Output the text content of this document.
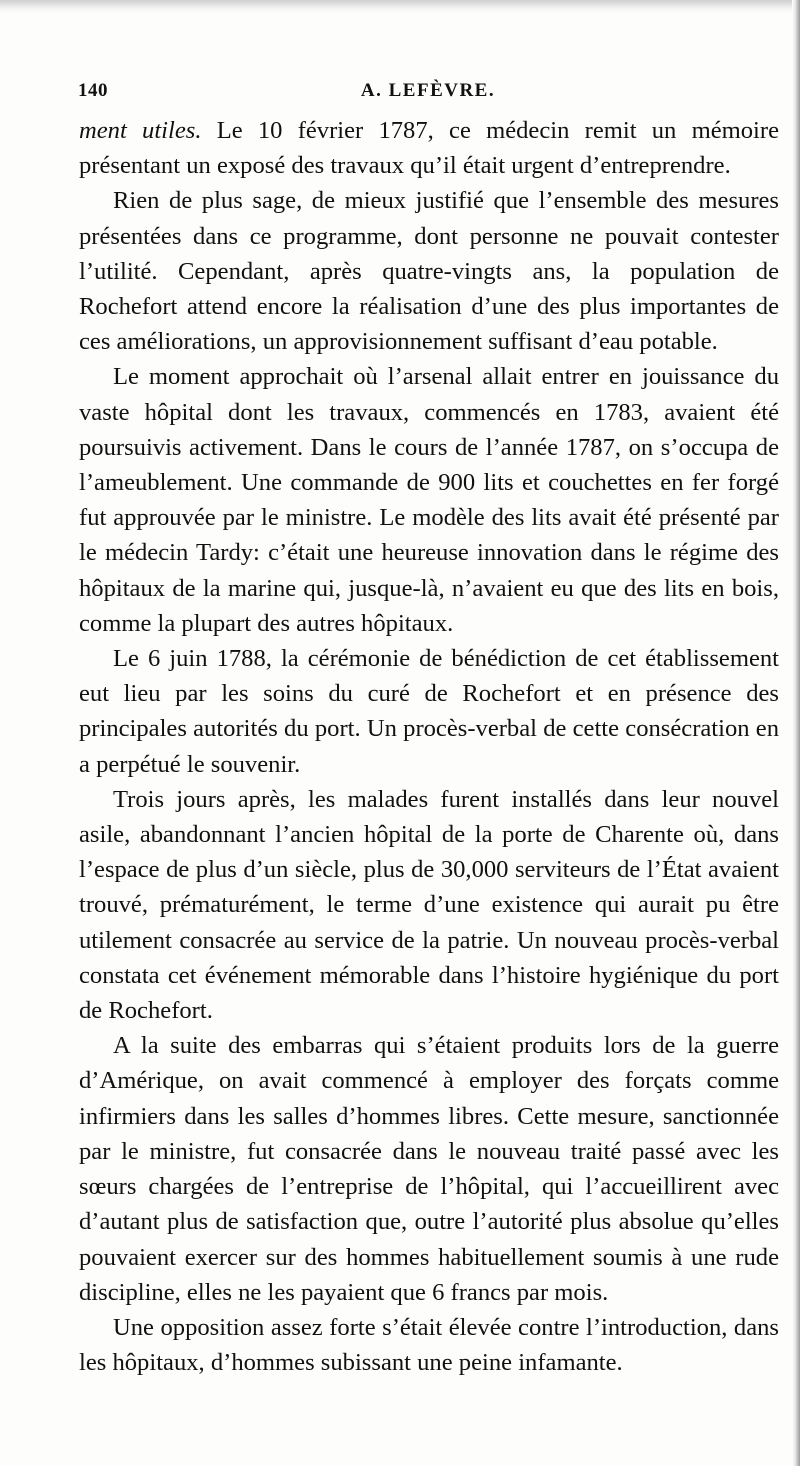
140	A. LEFÈVRE.

ment utiles. Le 10 février 1787, ce médecin remit un mémoire présentant un exposé des travaux qu’il était urgent d’entreprendre.

Rien de plus sage, de mieux justifié que l’ensemble des mesures présentées dans ce programme, dont personne ne pouvait contester l’utilité. Cependant, après quatre-vingts ans, la population de Rochefort attend encore la réalisation d’une des plus importantes de ces améliorations, un approvisionnement suffisant d’eau potable.

Le moment approchait où l’arsenal allait entrer en jouissance du vaste hôpital dont les travaux, commencés en 1783, avaient été poursuivis activement. Dans le cours de l’année 1787, on s’occupa de l’ameublement. Une commande de 900 lits et couchettes en fer forgé fut approuvée par le ministre. Le modèle des lits avait été présenté par le médecin Tardy: c’était une heureuse innovation dans le régime des hôpitaux de la marine qui, jusque-là, n’avaient eu que des lits en bois, comme la plupart des autres hôpitaux.

Le 6 juin 1788, la cérémonie de bénédiction de cet établissement eut lieu par les soins du curé de Rochefort et en présence des principales autorités du port. Un procès-verbal de cette consécration en a perpétué le souvenir.

Trois jours après, les malades furent installés dans leur nouvel asile, abandonnant l’ancien hôpital de la porte de Charente où, dans l’espace de plus d’un siècle, plus de 30,000 serviteurs de l’État avaient trouvé, prématurément, le terme d’une existence qui aurait pu être utilement consacrée au service de la patrie. Un nouveau procès-verbal constata cet événement mémorable dans l’histoire hygiénique du port de Rochefort.

A la suite des embarras qui s’étaient produits lors de la guerre d’Amérique, on avait commencé à employer des forçats comme infirmiers dans les salles d’hommes libres. Cette mesure, sanctionnée par le ministre, fut consacrée dans le nouveau traité passé avec les sœurs chargées de l’entreprise de l’hôpital, qui l’accueillirent avec d’autant plus de satisfaction que, outre l’autorité plus absolue qu’elles pouvaient exercer sur des hommes habituellement soumis à une rude discipline, elles ne les payaient que 6 francs par mois.

Une opposition assez forte s’était élevée contre l’introduction, dans les hôpitaux, d’hommes subissant une peine infamante.
